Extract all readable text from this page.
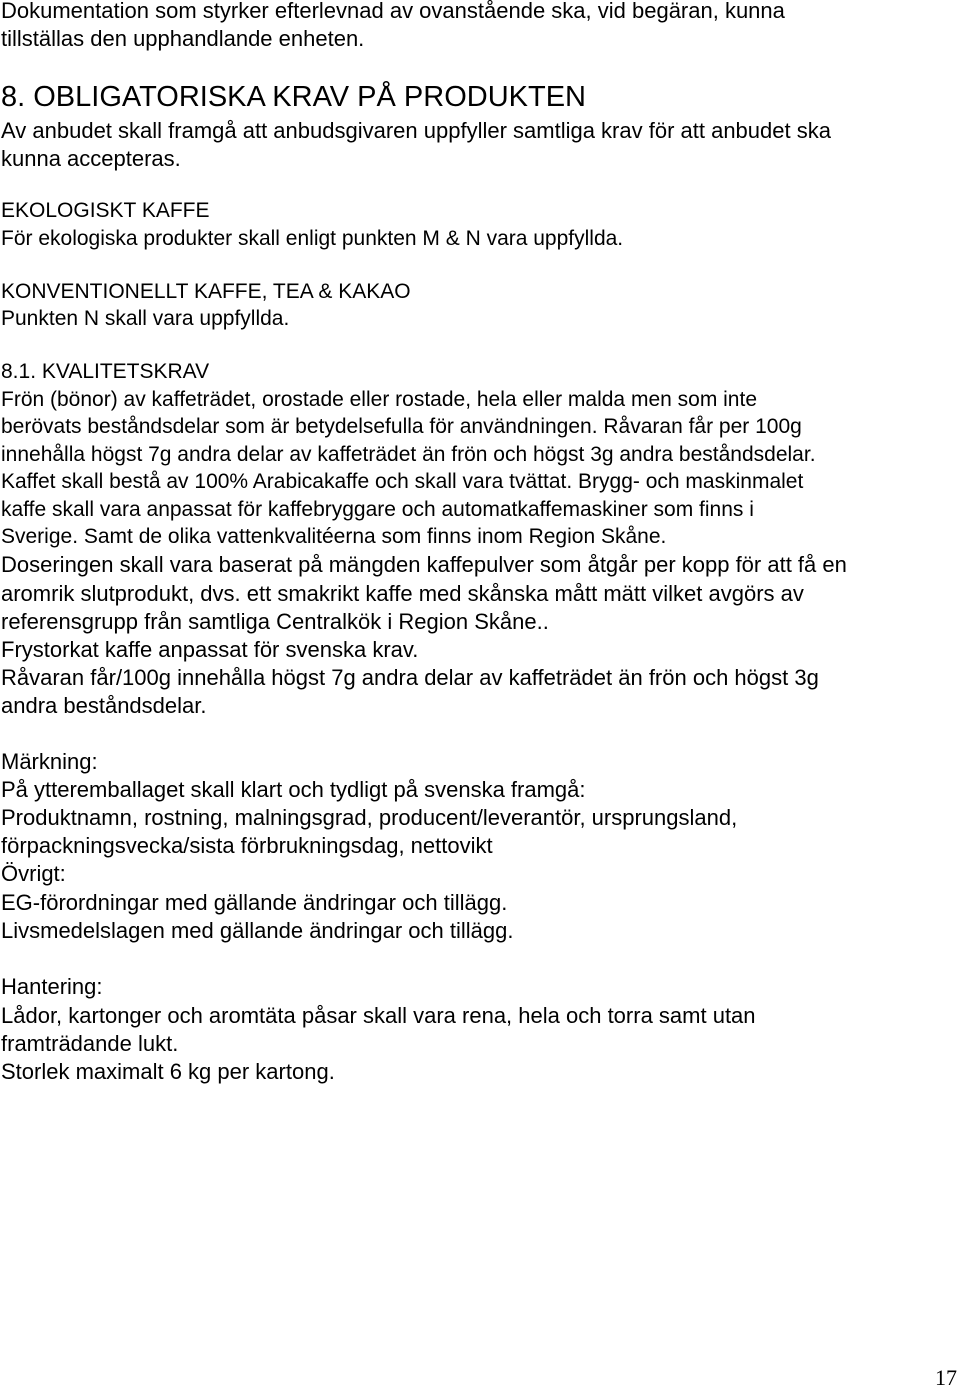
Dokumentation som styrker efterlevnad av ovanstående ska, vid begäran, kunna
tillställas den upphandlande enheten.
8. OBLIGATORISKA KRAV PÅ PRODUKTEN
Av anbudet skall framgå att anbudsgivaren uppfyller samtliga krav för att anbudet ska
kunna accepteras.
EKOLOGISKT KAFFE
För ekologiska produkter skall enligt punkten M & N vara uppfyllda.
KONVENTIONELLT KAFFE, TEA & KAKAO
Punkten N skall vara uppfyllda.
8.1. KVALITETSKRAV
Frön (bönor) av kaffeträdet, orostade eller rostade, hela eller malda men som inte
berövats beståndsdelar som är betydelsefulla för användningen. Råvaran får per 100g
innehålla högst 7g andra delar av kaffeträdet än frön och högst 3g andra beståndsdelar.
Kaffet skall bestå av 100% Arabicakaffe och skall vara tvättat. Brygg- och maskinmalet
kaffe skall vara anpassat för kaffebryggare och automatkaffemaskiner som finns i
Sverige. Samt de olika vattenkvalitéerna som finns inom Region Skåne.
Doseringen skall vara baserat på mängden kaffepulver som åtgår per kopp för att få en
aromrik slutprodukt, dvs. ett smakrikt kaffe med skånska mått mätt vilket avgörs av
referensgrupp från samtliga Centralkök i Region Skåne..
Frystorkat kaffe anpassat för svenska krav.
Råvaran får/100g innehålla högst 7g andra delar av kaffeträdet än frön och högst 3g
andra beståndsdelar.
Märkning:
På ytteremballaget skall klart och tydligt på svenska framgå:
Produktnamn, rostning, malningsgrad, producent/leverantör, ursprungsland,
förpackningsvecka/sista förbrukningsdag, nettovikt
Övrigt:
EG-förordningar med gällande ändringar och tillägg.
Livsmedelslagen med gällande ändringar och tillägg.
Hantering:
Lådor, kartonger och aromtäta påsar skall vara rena, hela och torra samt utan
framträdande lukt.
Storlek maximalt 6 kg per kartong.
17
